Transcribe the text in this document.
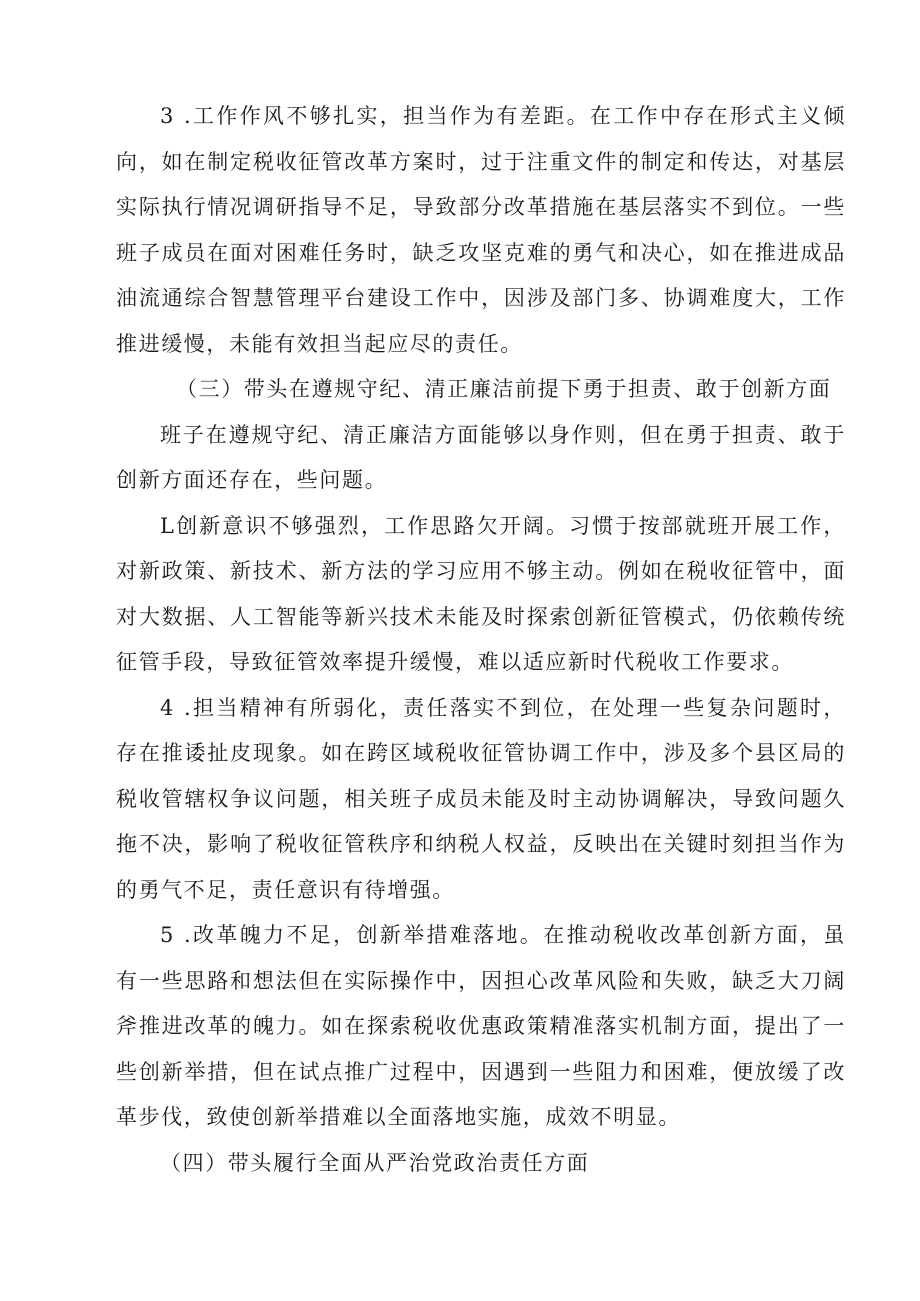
3 .工作作风不够扎实，担当作为有差距。在工作中存在形式主义倾向，如在制定税收征管改革方案时，过于注重文件的制定和传达，对基层实际执行情况调研指导不足，导致部分改革措施在基层落实不到位。一些班子成员在面对困难任务时，缺乏攻坚克难的勇气和决心，如在推进成品油流通综合智慧管理平台建设工作中，因涉及部门多、协调难度大，工作推进缓慢，未能有效担当起应尽的责任。

（三）带头在遵规守纪、清正廉洁前提下勇于担责、敢于创新方面

班子在遵规守纪、清正廉洁方面能够以身作则，但在勇于担责、敢于创新方面还存在，些问题。

L创新意识不够强烈，工作思路欠开阔。习惯于按部就班开展工作，对新政策、新技术、新方法的学习应用不够主动。例如在税收征管中，面对大数据、人工智能等新兴技术未能及时探索创新征管模式，仍依赖传统征管手段，导致征管效率提升缓慢，难以适应新时代税收工作要求。

4 .担当精神有所弱化，责任落实不到位，在处理一些复杂问题时，存在推诿扯皮现象。如在跨区域税收征管协调工作中，涉及多个县区局的税收管辖权争议问题，相关班子成员未能及时主动协调解决，导致问题久拖不决，影响了税收征管秩序和纳税人权益，反映出在关键时刻担当作为的勇气不足，责任意识有待增强。

5 .改革魄力不足，创新举措难落地。在推动税收改革创新方面，虽有一些思路和想法但在实际操作中，因担心改革风险和失败，缺乏大刀阔斧推进改革的魄力。如在探索税收优惠政策精准落实机制方面，提出了一些创新举措，但在试点推广过程中，因遇到一些阻力和困难，便放缓了改革步伐，致使创新举措难以全面落地实施，成效不明显。

（四）带头履行全面从严治党政治责任方面
